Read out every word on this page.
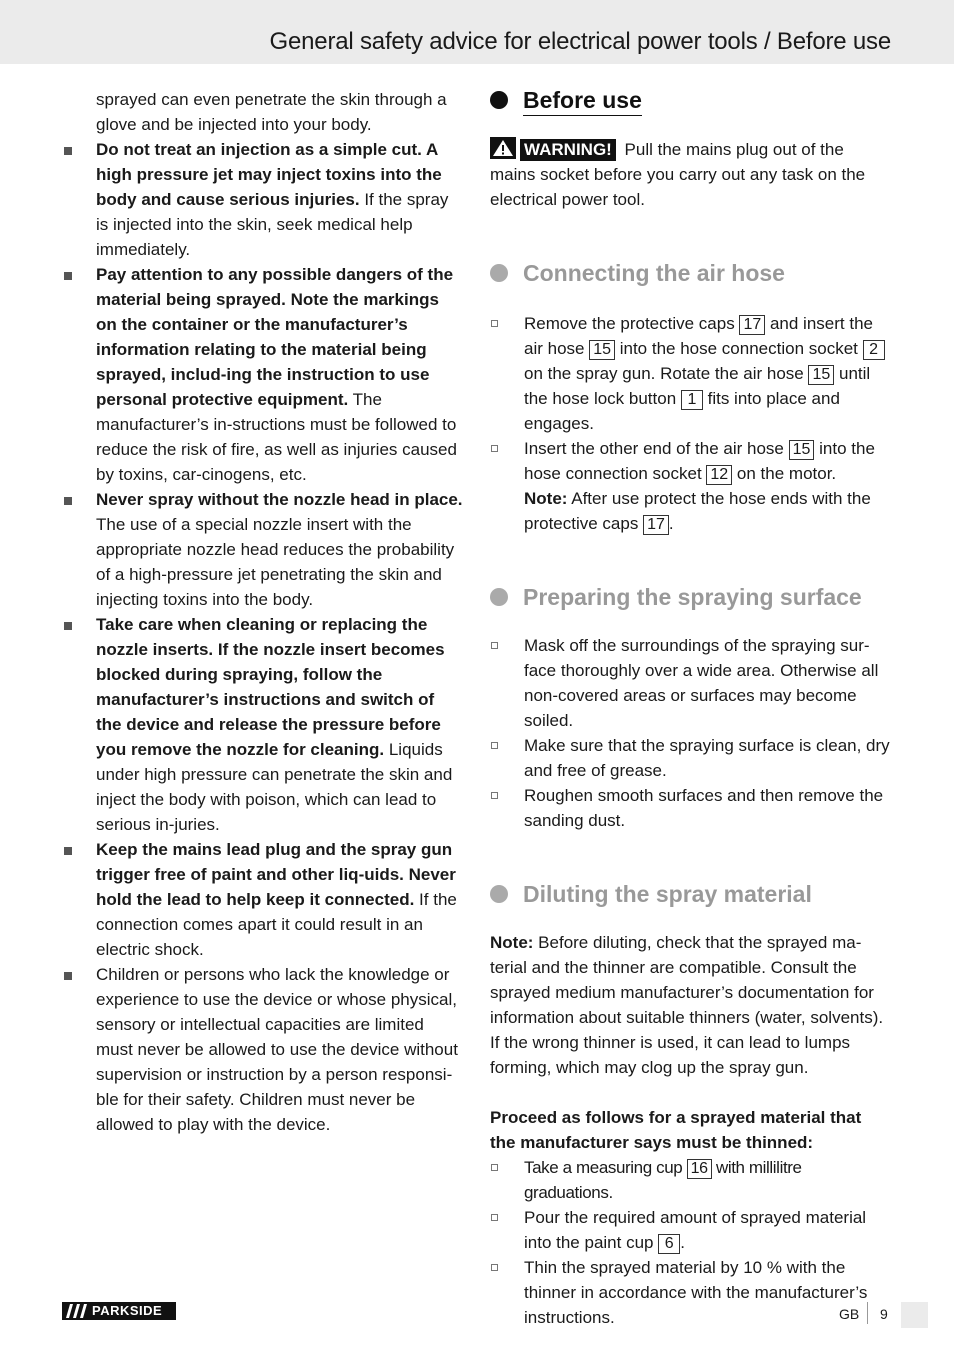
General safety advice for electrical power tools / Before use

sprayed can even penetrate the skin through a glove and be injected into your body.

Do not treat an injection as a simple cut. A high pressure jet may inject toxins into the body and cause serious injuries. If the spray is injected into the skin, seek medical help immediately.

Pay attention to any possible dangers of the material being sprayed. Note the markings on the container or the manufacturer’s information relating to the material being sprayed, includ-ing the instruction to use personal protective equipment. The manufacturer’s in-structions must be followed to reduce the risk of fire, as well as injuries caused by toxins, car-cinogens, etc.

Never spray without the nozzle head in place. The use of a special nozzle insert with the appropriate nozzle head reduces the probability of a high-pressure jet penetrating the skin and injecting toxins into the body.

Take care when cleaning or replacing the nozzle inserts. If the nozzle insert becomes blocked during spraying, follow the manufacturer’s instructions and switch of the device and release the pressure before you remove the nozzle for cleaning. Liquids under high pressure can penetrate the skin and inject the body with poison, which can lead to serious in-juries.

Keep the mains lead plug and the spray gun trigger free of paint and other liq-uids. Never hold the lead to help keep it connected. If the connection comes apart it could result in an electric shock.

Children or persons who lack the knowledge or experience to use the device or whose physical, sensory or intellectual capacities are limited must never be allowed to use the device without supervision or instruction by a person responsi-ble for their safety. Children must never be allowed to play with the device.

Before use

WARNING! Pull the mains plug out of the mains socket before you carry out any task on the electrical power tool.

Connecting the air hose

Remove the protective caps 17 and insert the air hose 15 into the hose connection socket 2 on the spray gun. Rotate the air hose 15 until the hose lock button 1 fits into place and engages.

Insert the other end of the air hose 15 into the hose connection socket 12 on the motor.

Note: After use protect the hose ends with the protective caps 17 .

Preparing the spraying surface

Mask off the surroundings of the spraying sur-face thoroughly over a wide area. Otherwise all non-covered areas or surfaces may become soiled.

Make sure that the spraying surface is clean, dry and free of grease.

Roughen smooth surfaces and then remove the sanding dust.

Diluting the spray material

Note: Before diluting, check that the sprayed ma-terial and the thinner are compatible. Consult the sprayed medium manufacturer’s documentation for information about suitable thinners (water, solvents). If the wrong thinner is used, it can lead to lumps forming, which may clog up the spray gun.

Proceed as follows for a sprayed material that the manufacturer says must be thinned:

Take a measuring cup 16 with millilitre graduations.

Pour the required amount of sprayed material into the paint cup 6 .

Thin the sprayed material by 10 % with the thinner in accordance with the manufacturer’s instructions.

PARKSIDE	GB 9
